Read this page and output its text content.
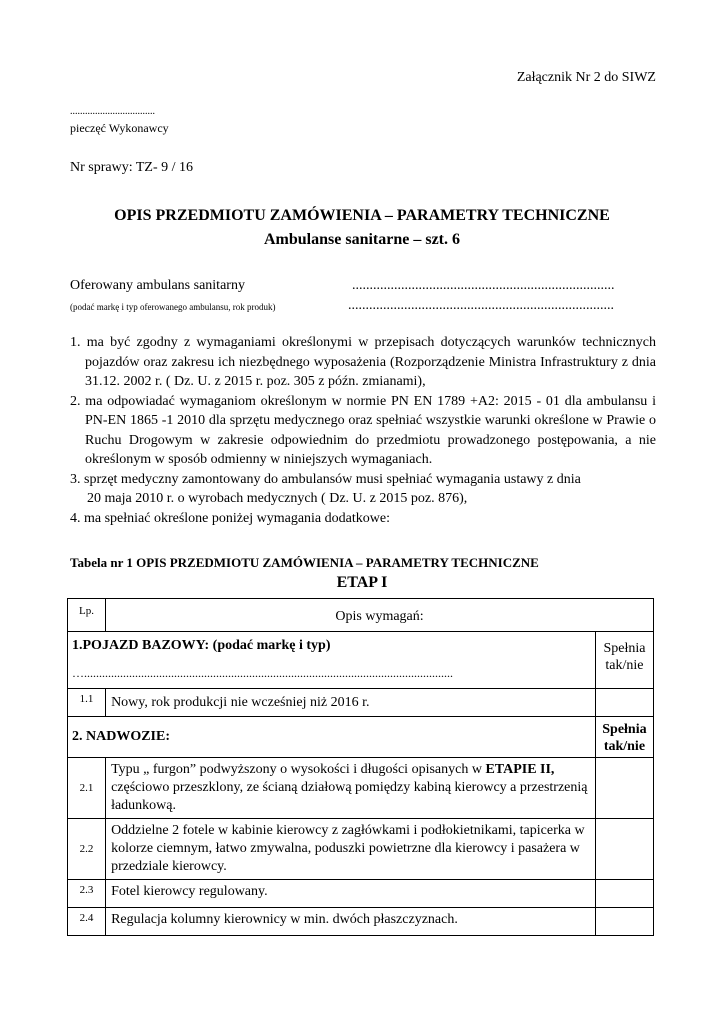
Załącznik Nr 2 do SIWZ
..................................
pieczęć Wykonawcy
Nr sprawy: TZ- 9 / 16
OPIS PRZEDMIOTU ZAMÓWIENIA – PARAMETRY TECHNICZNE
Ambulanse sanitarne – szt. 6
Oferowany ambulans sanitarny	...........................................................................
(podać markę i typ oferowanego ambulansu, rok produk)	............................................................................
1. ma być zgodny z wymaganiami określonymi w przepisach dotyczących warunków technicznych pojazdów oraz zakresu ich niezbędnego wyposażenia (Rozporządzenie Ministra Infrastruktury z dnia 31.12. 2002 r. ( Dz. U. z 2015 r. poz. 305 z późn. zmianami),
2. ma odpowiadać wymaganiom określonym w normie PN EN 1789 +A2: 2015 - 01 dla ambulansu i PN-EN 1865 -1 2010 dla sprzętu medycznego oraz spełniać wszystkie warunki określone w Prawie o Ruchu Drogowym w zakresie odpowiednim do przedmiotu prowadzonego postępowania, a nie określonym w sposób odmienny w niniejszych wymaganiach.
3. sprzęt medyczny zamontowany do ambulansów musi spełniać wymagania ustawy z dnia
20 maja 2010 r. o wyrobach medycznych ( Dz. U. z 2015 poz. 876),
4. ma spełniać określone poniżej wymagania dodatkowe:
Tabela nr 1 OPIS PRZEDMIOTU ZAMÓWIENIA – PARAMETRY TECHNICZNE
ETAP I
Lp.	Opis wymagań:	
1.POJAZD BAZOWY: (podać markę i typ)
…...........................................................................................................................		Spełnia tak/nie
1.1	Nowy, rok produkcji nie wcześniej niż 2016 r.	
2. NADWOZIE:		Spełnia tak/nie
2.1	Typu „ furgon” podwyższony o wysokości i długości opisanych w ETAPIE II, częściowo przeszklony, ze ścianą działową pomiędzy kabiną kierowcy a przestrzenią ładunkową.	
2.2	Oddzielne 2 fotele w kabinie kierowcy z zagłówkami i podłokietnikami, tapicerka w kolorze ciemnym, łatwo zmywalna, poduszki powietrzne dla kierowcy i pasażera w przedziale kierowcy.	
2.3	Fotel kierowcy regulowany.	
2.4	Regulacja kolumny kierownicy w min. dwóch płaszczyznach.	
